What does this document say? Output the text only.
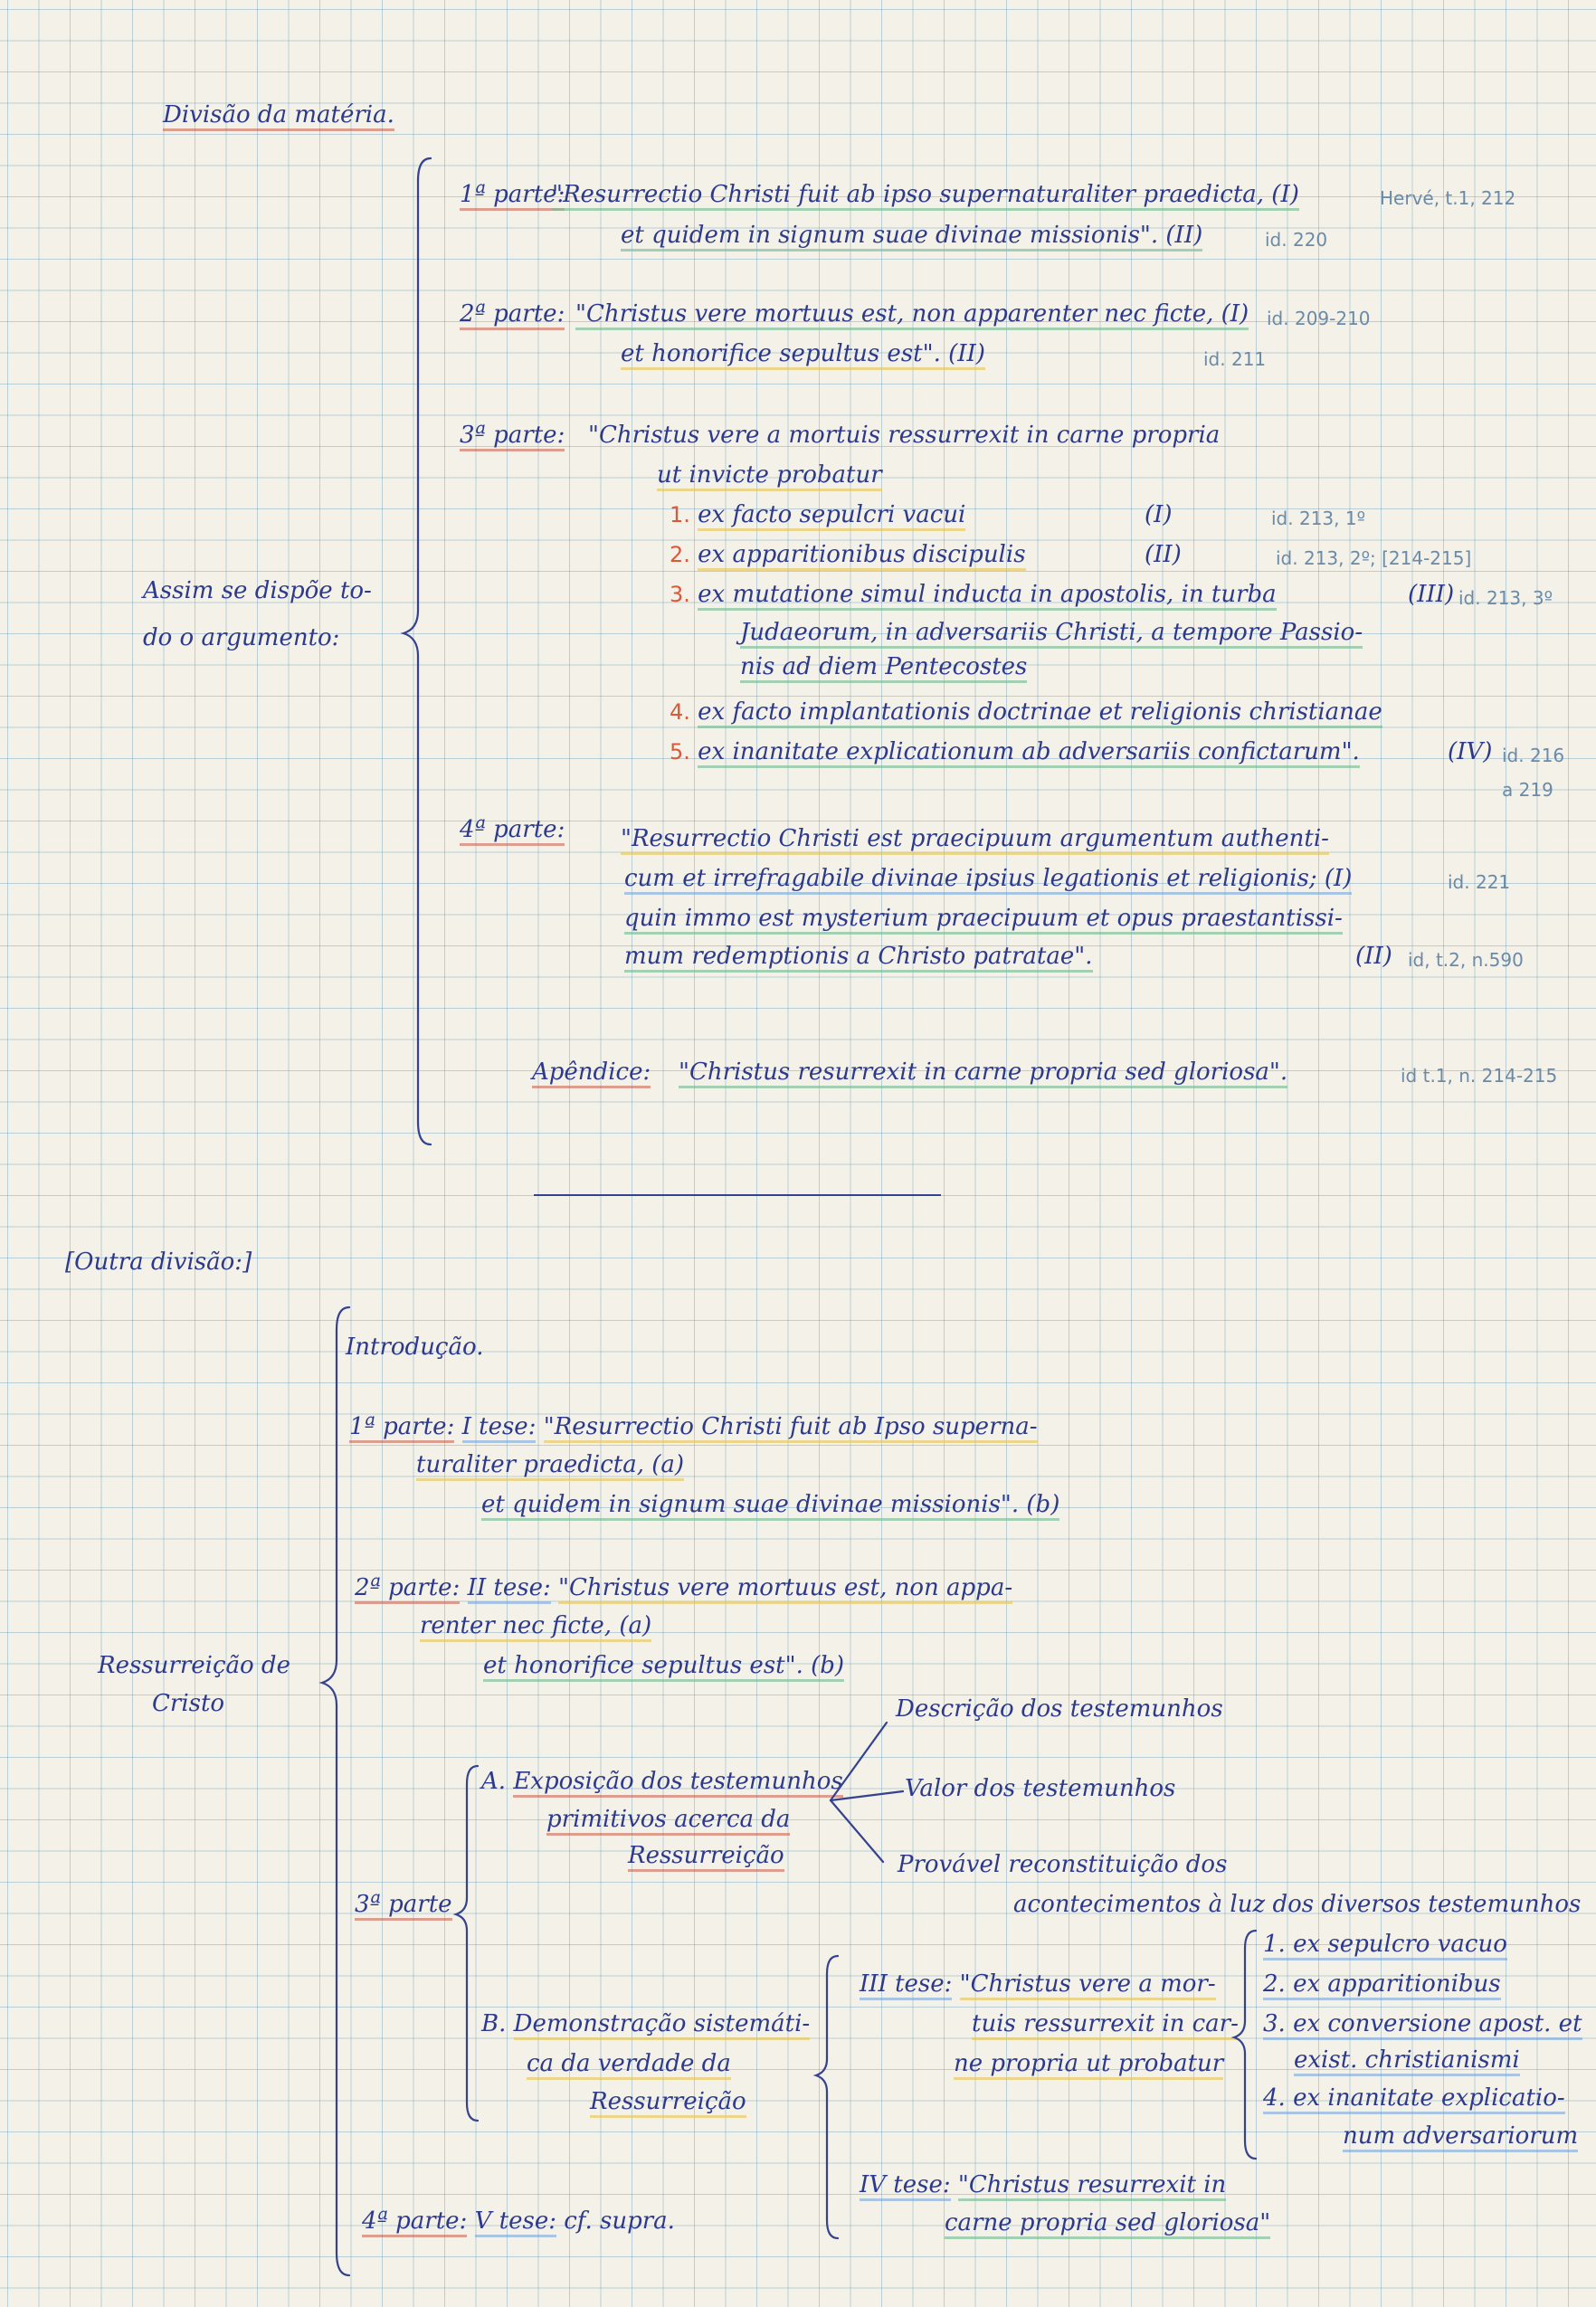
Divisão da matéria.
Assim se dispõe to-
do o argumento:
1ª parte:
"Resurrectio Christi fuit ab ipso supernaturaliter praedicta, (I)	Hervé, t.1, 212
et quidem in signum suae divinae missionis". (II)	id. 220
2ª parte: "Christus vere mortuus est, non apparenter nec ficte, (I) id. 209-210
et honorifice sepultus est". (II)	id. 211
3ª parte: "Christus vere a mortuis ressurrexit in carne propria
ut invicte probatur
1. ex facto sepulcri vacui	(I)	id. 213, 1º
2. ex apparitionibus discipulis	(II)	id. 213, 2º; [214-215]
3. ex mutatione simul inducta in apostolis, in turba	(III) id. 213, 3º
Judaeorum, in adversariis Christi, a tempore Passio-
nis ad diem Pentecostes
4. ex facto implantationis doctrinae et religionis christianae
5. ex inanitate explicationum ab adversariis confictarum".	(IV) id. 216
a 219
4ª parte: "Resurrectio Christi est praecipuum argumentum authenti-
cum et irrefragabile divinae ipsius legationis et religionis; (I)	id. 221
quin immo est mysterium praecipuum et opus praestantissi-
mum redemptionis a Christo patratae".	(II) id, t.2, n.590
Apêndice: "Christus resurrexit in carne propria sed gloriosa".	id t.1, n. 214-215
[Outra divisão:]
Ressurreição de
Cristo
Introdução.
1ª parte: I tese: "Resurrectio Christi fuit ab Ipso superna-
turaliter praedicta, (a)
et quidem in signum suae divinae missionis". (b)
2ª parte: II tese: "Christus vere mortuus est, non appa-
renter nec ficte, (a)
et honorifice sepultus est". (b)
3ª parte
A. Exposição dos testemunhos
primitivos acerca da
Ressurreição
Descrição dos testemunhos
Valor dos testemunhos
Provável reconstituição dos
acontecimentos à luz dos diversos testemunhos
B. Demonstração sistemáti-
ca da verdade da
Ressurreição
III tese: "Christus vere a mor-
tuis ressurrexit in car-
ne propria ut probatur
1. ex sepulcro vacuo
2. ex apparitionibus
3. ex conversione apost. et
exist. christianismi
4. ex inanitate explicatio-
num adversariorum
IV tese: "Christus resurrexit in
carne propria sed gloriosa"
4ª parte: V tese: cf. supra.
